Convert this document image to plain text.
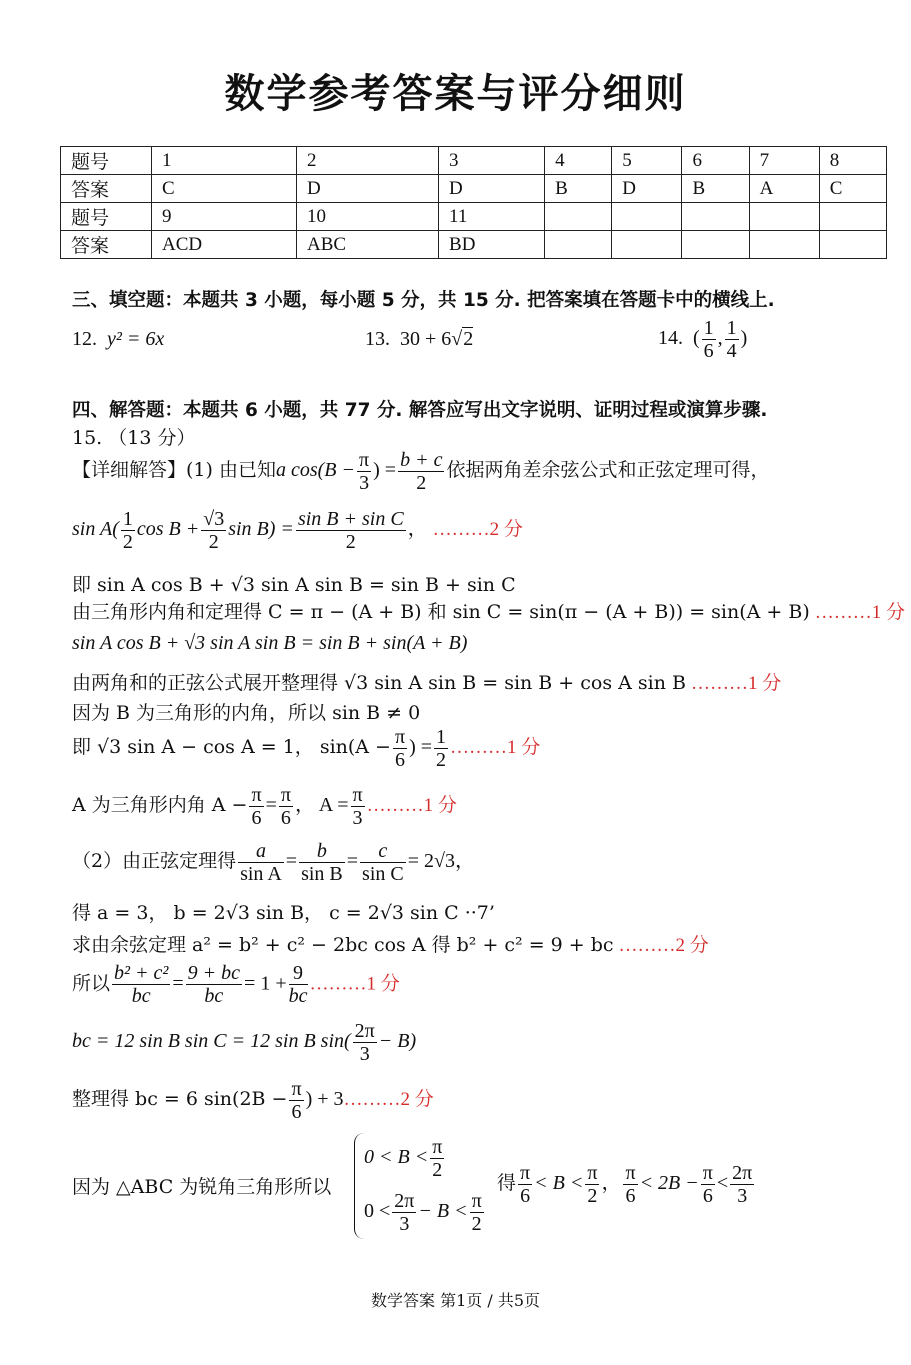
数学参考答案与评分细则
题号	1	2	3	4	5	6	7	8
答案	C	D	D	B	D	B	A	C
题号	9	10	11					
答案	ACD	ABC	BD					
三、填空题：本题共 3 小题，每小题 5 分，共 15 分. 把答案填在答题卡中的横线上.
12. y² = 6x	13. 30 + 6√2	14.  ( $\frac{1}{6}$ , $\frac{1}{4}$ )
四、解答题：本题共 6 小题，共 77 分. 解答应写出文字说明、证明过程或演算步骤.
15. （13 分）
【详细解答】(1) 由已知a $\cos(B - \frac{\pi}{3}$ ) = $\frac{b + c}{2}$ 依据两角差余弦公式和正弦定理可得，
$\sin A( \frac{1}{2}$ $\cos B + \frac{√3}{2}$ $\sin B) = \frac{\text{sin B + sin C}}{2}$ ， ………2 分
即 sin A cos B + √3 sin A sin B = sin B + sin C
由三角形内角和定理得 C = π − (A + B) 和 sin C = sin(π − (A + B)) = sin(A + B) ………1 分
sin A cos B + √3 sin A sin B = sin B + sin(A + B)
由两角和的正弦公式展开整理得 √3 sin A sin B = sin B + cos A sin B ………1 分
因为 B 为三角形的内角，所以 sin B ≠ 0
即 √3 sin A − cos A = 1， $\sin(A - \frac{\pi}{6}$ ) = $\frac{1}{2}$ ………1 分
A 为三角形内角 $A - \frac{\pi}{6} = \frac{\pi}{6}$ ， $A = \frac{\pi}{3}$ ………1 分
（2）由正弦定理得 $\frac{a}{\text{sin A}} = \frac{b}{\text{sin B}} = \frac{c}{\text{sin C}} = 2√3$，
得 a = 3， b = 2√3 sin B， c = 2√3 sin C ··7’
求由余弦定理 a² = b² + c² − 2bc cos A 得 b² + c² = 9 + bc ………2 分
所以 $\frac{\text{b² + c²}}{bc} = \frac{9 + bc}{bc} = 1 + \frac{9}{bc}$ ………1 分
bc = 12 sin B sin C = 12 sin B $\sin( \frac{2\pi}{3} - B)$
整理得 bc = 6 $\sin(2B - \frac{\pi}{6}$ ) + 3………2 分
因为 △ABC 为锐角三角形所以
$0 < B < \frac{\pi}{2}$
$0 < \frac{2\pi}{3} - B < \frac{\pi}{2}$
得 $\frac{\pi}{6} < B < \frac{\pi}{2}$ ， $\frac{\pi}{6} < 2B - \frac{\pi}{6} < \frac{2\pi}{3}$
数学答案 第1页 / 共5页
